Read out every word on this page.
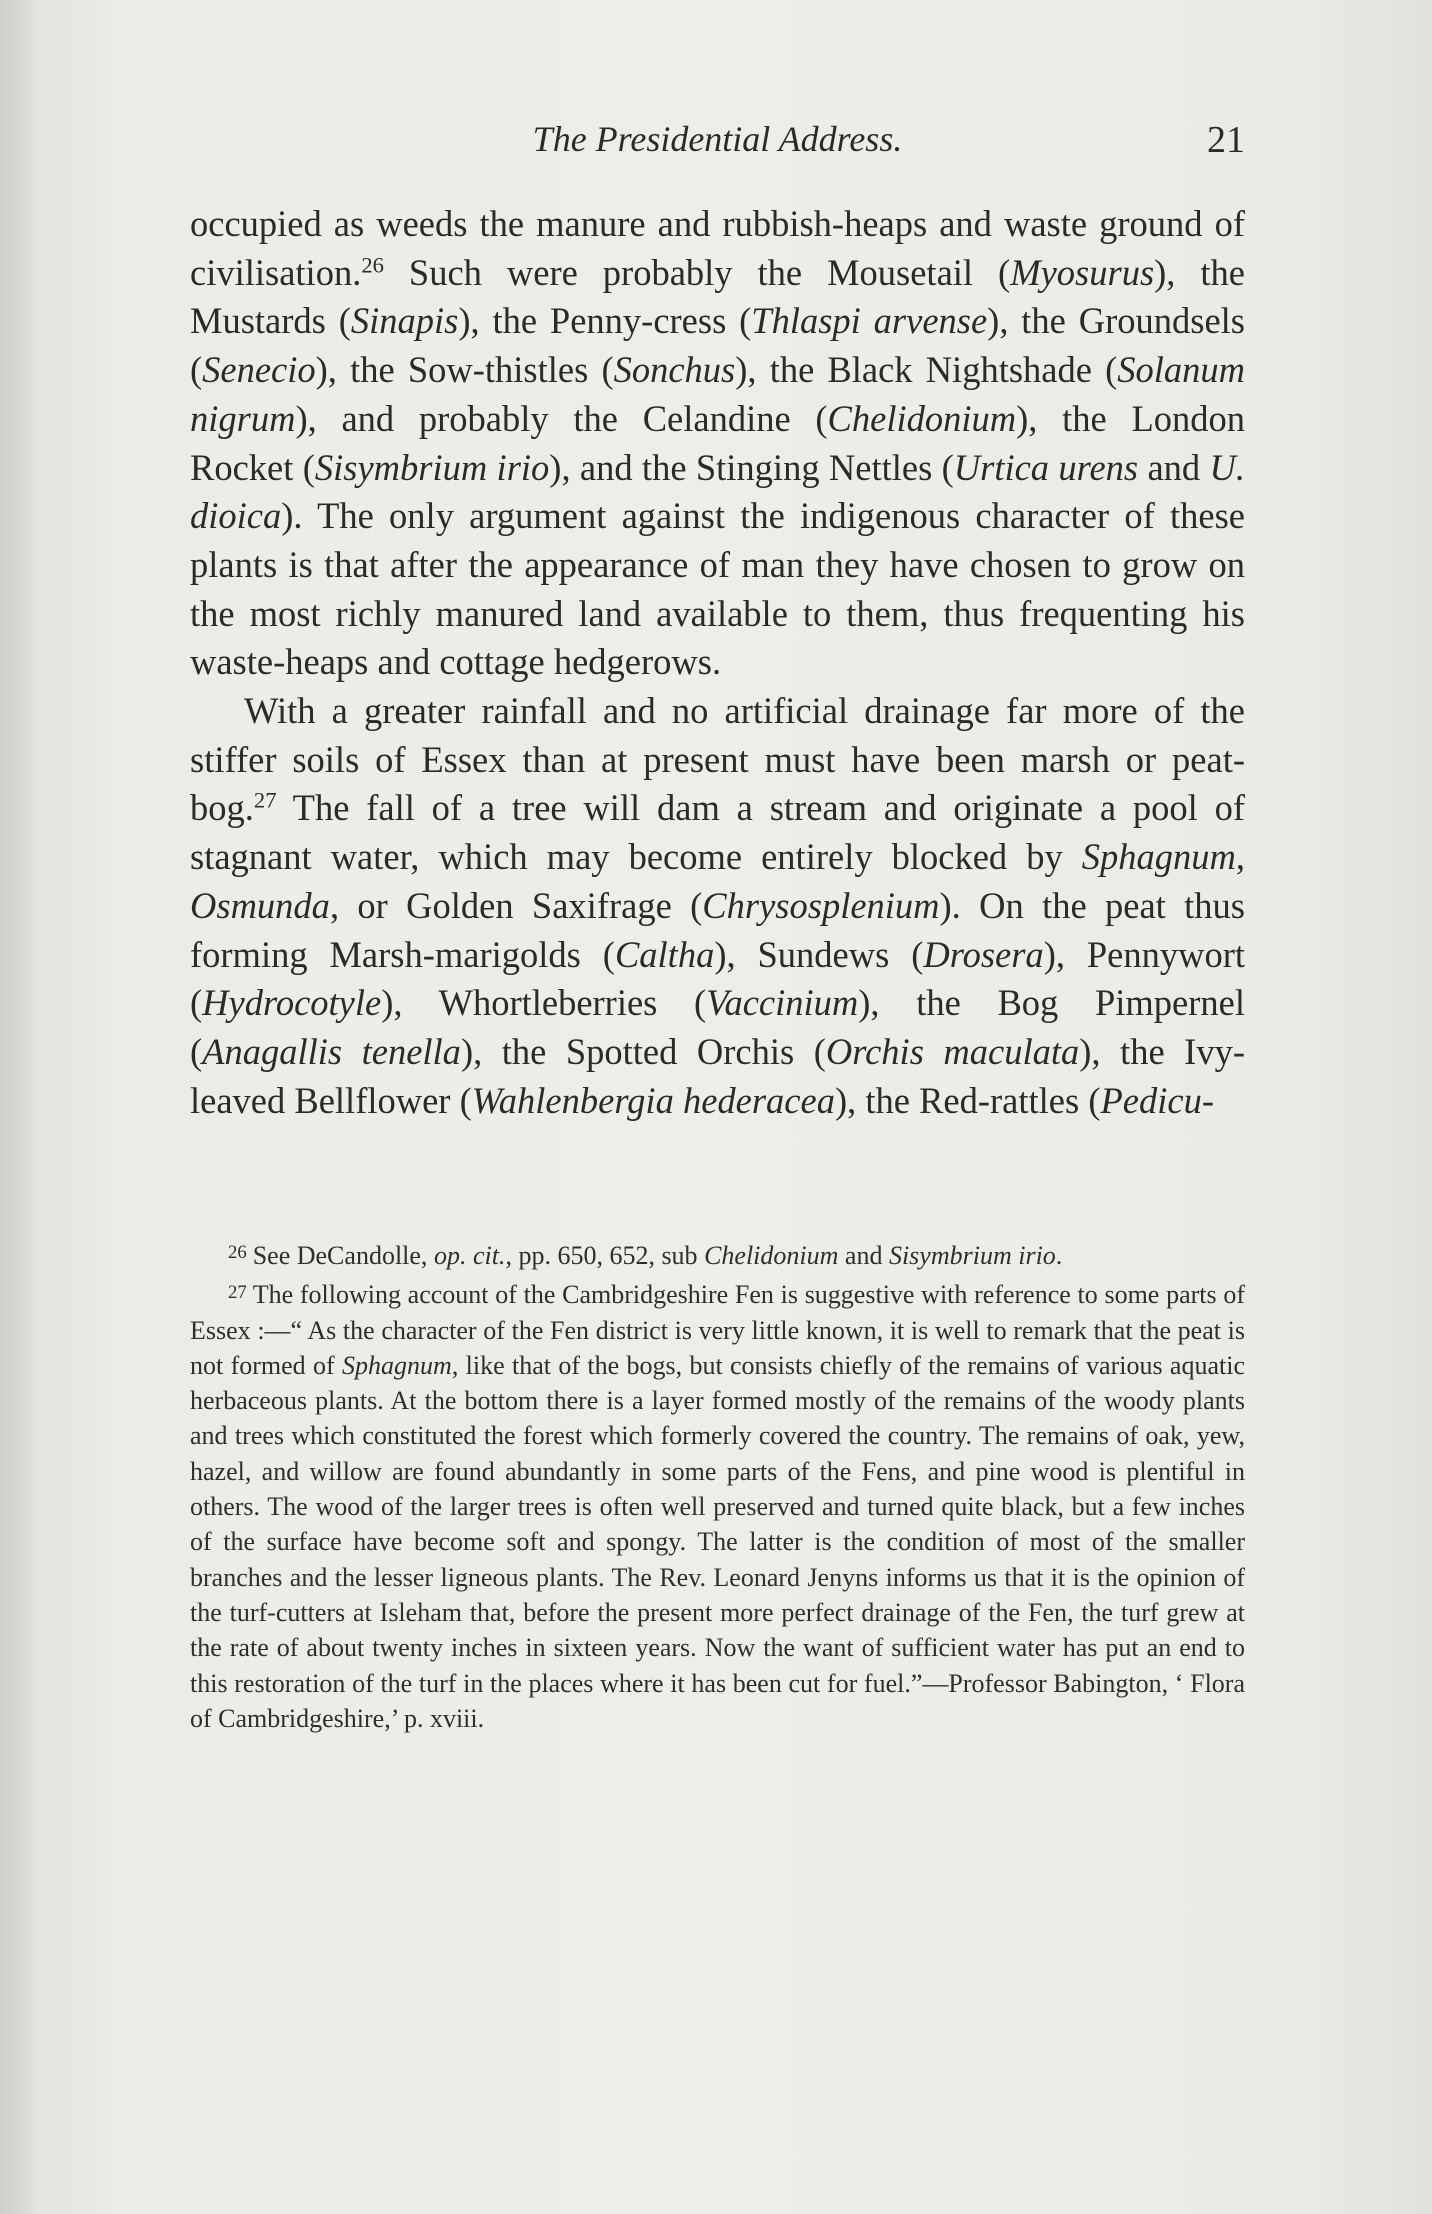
The Presidential Address.	21

occupied as weeds the manure and rubbish-heaps and waste ground of civilisation.$^{26}$ Such were probably the Mousetail (Myosurus), the Mustards (Sinapis), the Penny-cress (Thlaspi arvense), the Groundsels (Senecio), the Sow-thistles (Sonchus), the Black Nightshade (Solanum nigrum), and probably the Celandine (Chelidonium), the London Rocket (Sisymbrium irio), and the Stinging Nettles (Urtica urens and U. dioica). The only argument against the indigenous character of these plants is that after the appearance of man they have chosen to grow on the most richly manured land available to them, thus frequenting his waste-heaps and cottage hedgerows.

With a greater rainfall and no artificial drainage far more of the stiffer soils of Essex than at present must have been marsh or peat-bog.$^{27}$ The fall of a tree will dam a stream and originate a pool of stagnant water, which may become entirely blocked by Sphagnum, Osmunda, or Golden Saxifrage (Chrysosplenium). On the peat thus forming Marsh-marigolds (Caltha), Sundews (Drosera), Pennywort (Hydrocotyle), Whortleberries (Vaccinium), the Bog Pimpernel (Anagallis tenella), the Spotted Orchis (Orchis maculata), the Ivy-leaved Bellflower (Wahlenbergia hederacea), the Red-rattles (Pedicu-

$^{26}$ See DeCandolle, op. cit., pp. 650, 652, sub Chelidonium and Sisymbrium irio.

$^{27}$ The following account of the Cambridgeshire Fen is suggestive with reference to some parts of Essex :—“ As the character of the Fen district is very little known, it is well to remark that the peat is not formed of Sphagnum, like that of the bogs, but consists chiefly of the remains of various aquatic herbaceous plants. At the bottom there is a layer formed mostly of the remains of the woody plants and trees which constituted the forest which formerly covered the country. The remains of oak, yew, hazel, and willow are found abundantly in some parts of the Fens, and pine wood is plentiful in others. The wood of the larger trees is often well preserved and turned quite black, but a few inches of the surface have become soft and spongy. The latter is the condition of most of the smaller branches and the lesser ligneous plants. The Rev. Leonard Jenyns informs us that it is the opinion of the turf-cutters at Isleham that, before the present more perfect drainage of the Fen, the turf grew at the rate of about twenty inches in sixteen years. Now the want of sufficient water has put an end to this restoration of the turf in the places where it has been cut for fuel.”—Professor Babington, ‘ Flora of Cambridgeshire,’ p. xviii.
